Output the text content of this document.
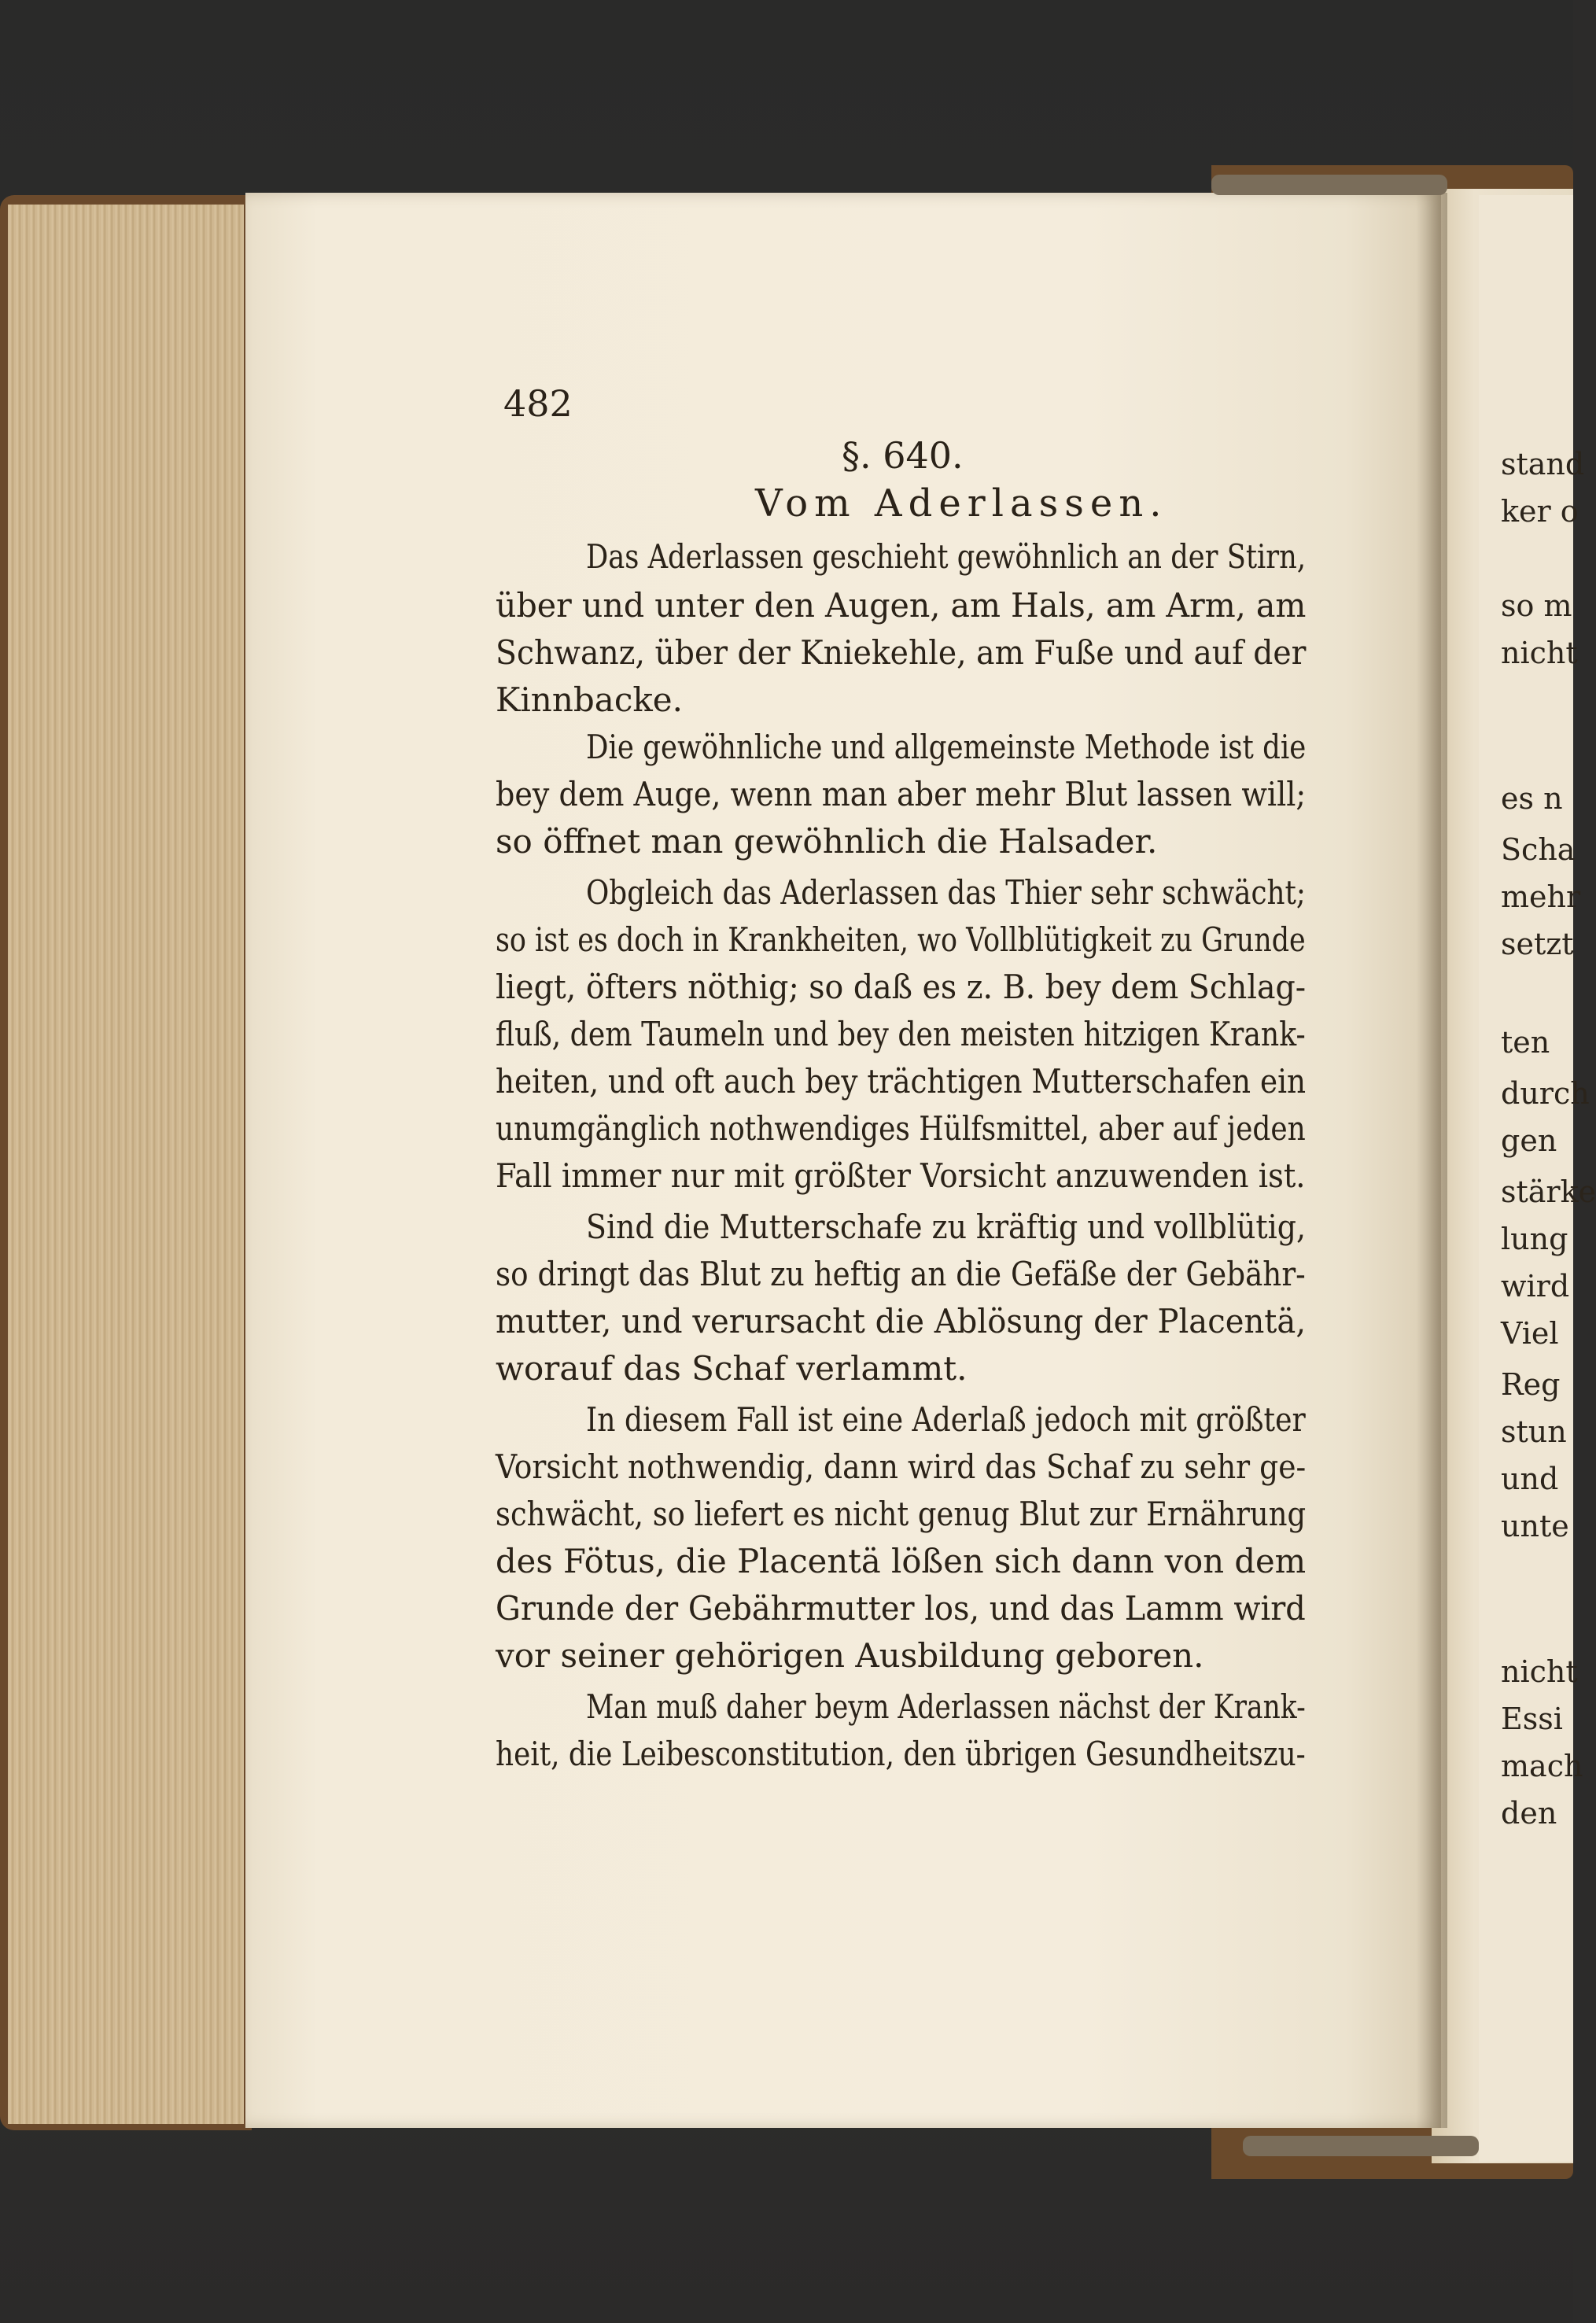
stand
ker o
so m
nicht
es n
Scha
mehr
setzt
ten
durch
gen
stärke
lung
wird
Viel
Reg
stun
und
unte
nicht
Essi
mach
den
482
§. 640.
Vom Aderlassen.
Das Aderlassen geschieht gewöhnlich an der Stirn,
über und unter den Augen, am Hals, am Arm, am
Schwanz, über der Kniekehle, am Fuße und auf der
Kinnbacke.
Die gewöhnliche und allgemeinste Methode ist die
bey dem Auge, wenn man aber mehr Blut lassen will;
so öffnet man gewöhnlich die Halsader.
Obgleich das Aderlassen das Thier sehr schwächt;
so ist es doch in Krankheiten, wo Vollblütigkeit zu Grunde
liegt, öfters nöthig; so daß es z. B. bey dem Schlag-
fluß, dem Taumeln und bey den meisten hitzigen Krank-
heiten, und oft auch bey trächtigen Mutterschafen ein
unumgänglich nothwendiges Hülfsmittel, aber auf jeden
Fall immer nur mit größter Vorsicht anzuwenden ist.
Sind die Mutterschafe zu kräftig und vollblütig,
so dringt das Blut zu heftig an die Gefäße der Gebähr-
mutter, und verursacht die Ablösung der Placentä,
worauf das Schaf verlammt.
In diesem Fall ist eine Aderlaß jedoch mit größter
Vorsicht nothwendig, dann wird das Schaf zu sehr ge-
schwächt, so liefert es nicht genug Blut zur Ernährung
des Fötus, die Placentä lößen sich dann von dem
Grunde der Gebährmutter los, und das Lamm wird
vor seiner gehörigen Ausbildung geboren.
Man muß daher beym Aderlassen nächst der Krank-
heit, die Leibesconstitution, den übrigen Gesundheitszu-
